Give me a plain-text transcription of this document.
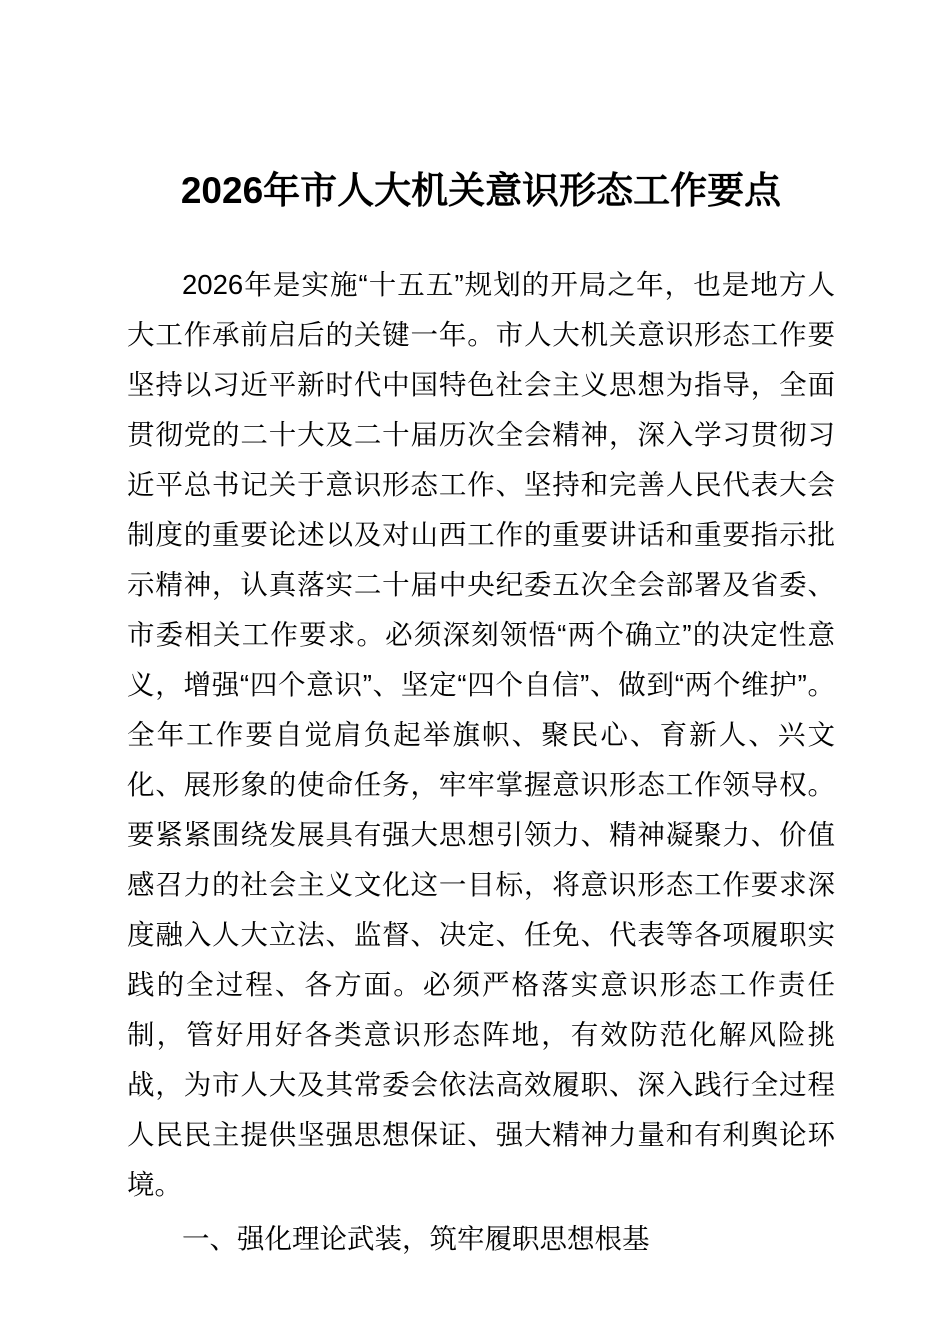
2026年市人大机关意识形态工作要点

2026年是实施“十五五”规划的开局之年，也是地方人大工作承前启后的关键一年。市人大机关意识形态工作要坚持以习近平新时代中国特色社会主义思想为指导，全面贯彻党的二十大及二十届历次全会精神，深入学习贯彻习近平总书记关于意识形态工作、坚持和完善人民代表大会制度的重要论述以及对山西工作的重要讲话和重要指示批示精神，认真落实二十届中央纪委五次全会部署及省委、市委相关工作要求。必须深刻领悟“两个确立”的决定性意义，增强“四个意识”、坚定“四个自信”、做到“两个维护”。全年工作要自觉肩负起举旗帜、聚民心、育新人、兴文化、展形象的使命任务，牢牢掌握意识形态工作领导权。要紧紧围绕发展具有强大思想引领力、精神凝聚力、价值感召力的社会主义文化这一目标，将意识形态工作要求深度融入人大立法、监督、决定、任免、代表等各项履职实践的全过程、各方面。必须严格落实意识形态工作责任制，管好用好各类意识形态阵地，有效防范化解风险挑战，为市人大及其常委会依法高效履职、深入践行全过程人民民主提供坚强思想保证、强大精神力量和有利舆论环境。

一、强化理论武装，筑牢履职思想根基
